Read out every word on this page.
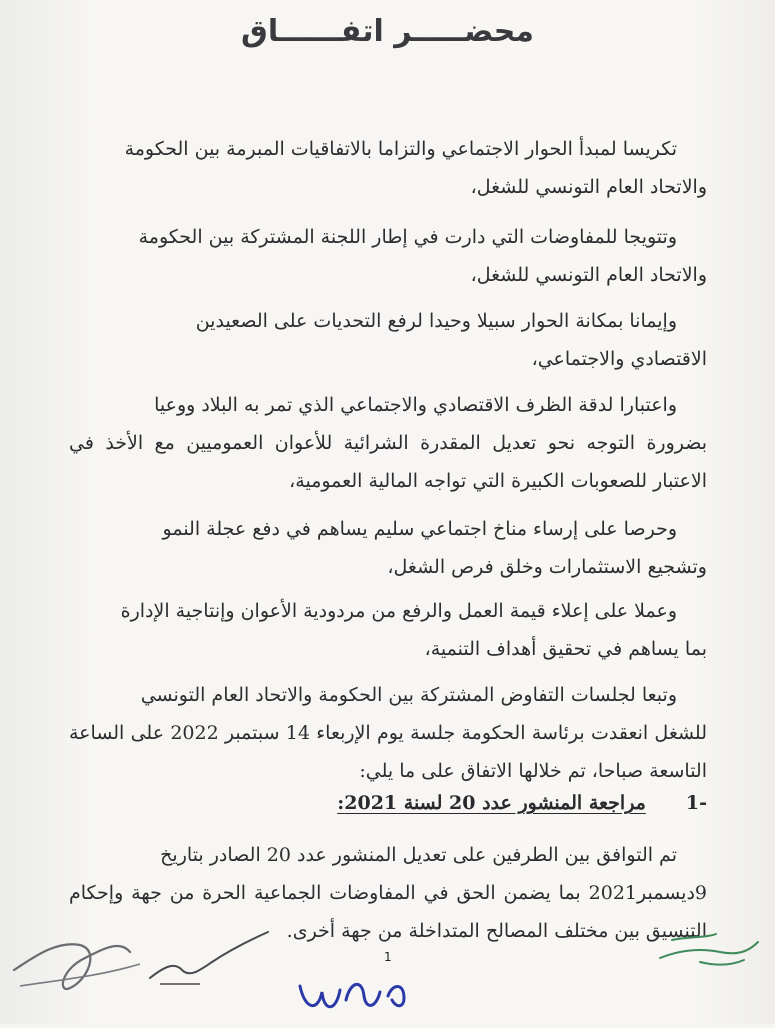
محضـــــر اتفــــــاق
تكريسا لمبدأ الحوار الاجتماعي والتزاما بالاتفاقيات المبرمة بين الحكومة
والاتحاد العام التونسي للشغل،
وتتويجا للمفاوضات التي دارت في إطار اللجنة المشتركة بين الحكومة
والاتحاد العام التونسي للشغل،
وإيمانا بمكانة الحوار سبيلا وحيدا لرفع التحديات على الصعيدين
الاقتصادي والاجتماعي،
واعتبارا لدقة الظرف الاقتصادي والاجتماعي الذي تمر به البلاد ووعيا
بضرورة التوجه نحو تعديل المقدرة الشرائية للأعوان العموميين مع الأخذ في الاعتبار للصعوبات الكبيرة التي تواجه المالية العمومية،
وحرصا على إرساء مناخ اجتماعي سليم يساهم في دفع عجلة النمو
وتشجيع الاستثمارات وخلق فرص الشغل،
وعملا على إعلاء قيمة العمل والرفع من مردودية الأعوان وإنتاجية الإدارة
بما يساهم في تحقيق أهداف التنمية،
وتبعا لجلسات التفاوض المشتركة بين الحكومة والاتحاد العام التونسي
للشغل انعقدت برئاسة الحكومة جلسة يوم الإربعاء 14 سبتمبر 2022 على الساعة التاسعة صباحا، تم خلالها الاتفاق على ما يلي:
-1
مراجعة المنشور عدد 20 لسنة 2021:
تم التوافق بين الطرفين على تعديل المنشور عدد 20 الصادر بتاريخ
9ديسمبر2021 بما يضمن الحق في المفاوضات الجماعية الحرة من جهة وإحكام التنسيق بين مختلف المصالح المتداخلة من جهة أخرى.
1
